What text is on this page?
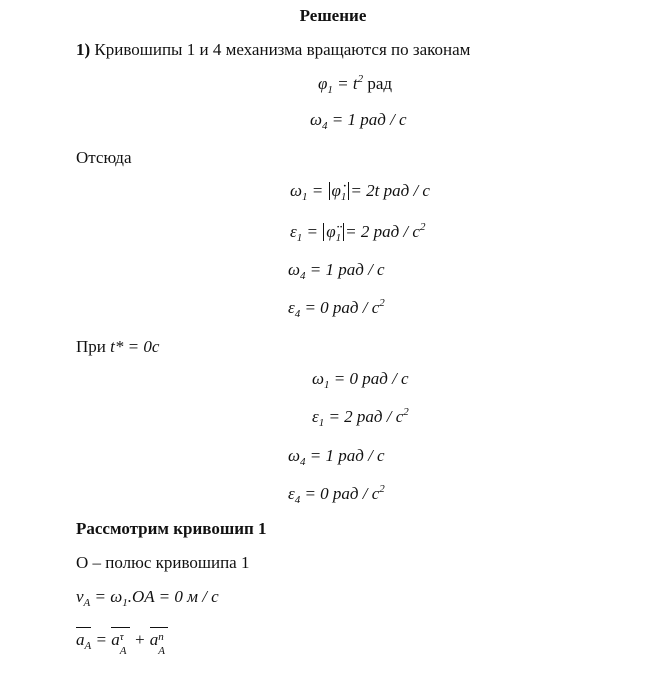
Решение
1) Кривошипы 1 и 4 механизма вращаются по законам
$\varphi_1 = t^2$ рад
$\omega_4 = 1$ рад / с
Отсюда
$\omega_1$ = $\varphi̇_1 = 2t$ рад / с
$\varepsilon_1$ = $\varphï_1 = 2$ рад / $с^2$
$\omega_4 = 1$ рад / с
$\varepsilon_4 = 0$ рад / $с^2$
При t* = 0с
$\omega_1 = 0$ рад / с
$\varepsilon_1 = 2$ рад / $с^2$
$\omega_4 = 1$ рад / с
$\varepsilon_4 = 0$ рад / $с^2$
Рассмотрим кривошип 1
О – полюс кривошипа 1
$v_A = \omega_1.OA = 0$ м / с
$a_A = a$ τ
A
+ a n
A
